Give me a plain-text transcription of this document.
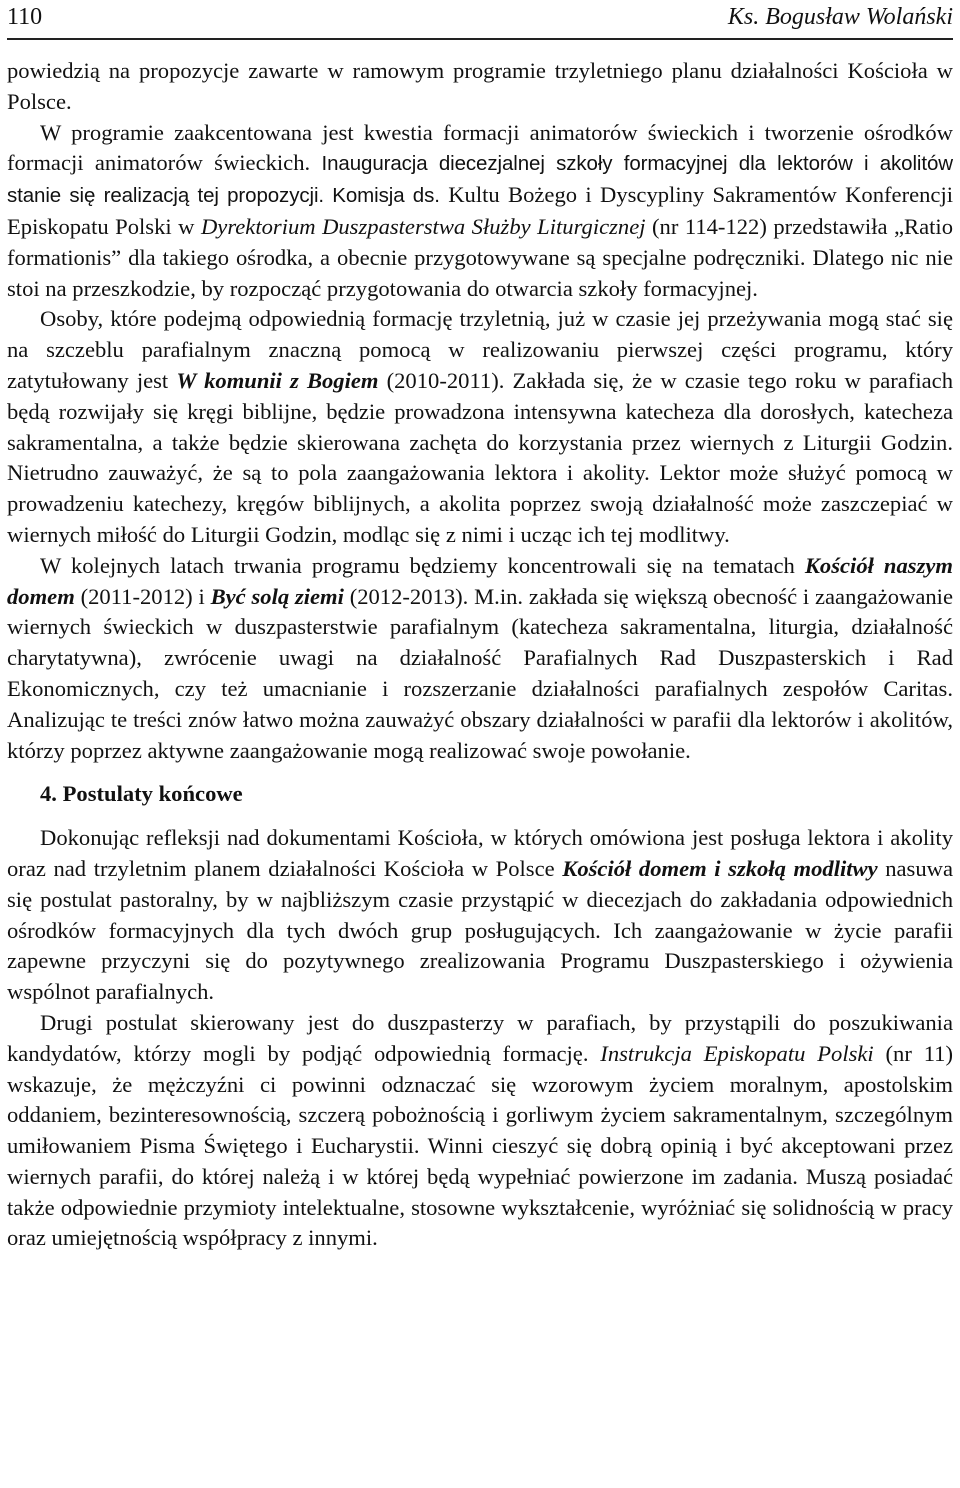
110	Ks. Bogusław Wolański

powiedzią na propozycje zawarte w ramowym programie trzyletniego planu działalności Kościoła w Polsce.

W programie zaakcentowana jest kwestia formacji animatorów świeckich i tworzenie ośrodków formacji animatorów świeckich. Inauguracja diecezjalnej szkoły formacyjnej dla lektorów i akolitów stanie się realizacją tej propozycji. Komisja ds. Kultu Bożego i Dyscypliny Sakramentów Konferencji Episkopatu Polski w Dyrektorium Duszpasterstwa Służby Liturgicznej (nr 114-122) przedstawiła „Ratio formationis” dla takiego ośrodka, a obecnie przygotowywane są specjalne podręczniki. Dlatego nic nie stoi na przeszkodzie, by rozpocząć przygotowania do otwarcia szkoły formacyjnej.

Osoby, które podejmą odpowiednią formację trzyletnią, już w czasie jej przeżywania mogą stać się na szczeblu parafialnym znaczną pomocą w realizowaniu pierwszej części programu, który zatytułowany jest W komunii z Bogiem (2010-2011). Zakłada się, że w czasie tego roku w parafiach będą rozwijały się kręgi biblijne, będzie prowadzona intensywna katecheza dla dorosłych, katecheza sakramentalna, a także będzie skierowana zachęta do korzystania przez wiernych z Liturgii Godzin. Nietrudno zauważyć, że są to pola zaangażowania lektora i akolity. Lektor może służyć pomocą w prowadzeniu katechezy, kręgów biblijnych, a akolita poprzez swoją działalność może zaszczepiać w wiernych miłość do Liturgii Godzin, modląc się z nimi i ucząc ich tej modlitwy.

W kolejnych latach trwania programu będziemy koncentrowali się na tematach Kościół naszym domem (2011-2012) i Być solą ziemi (2012-2013). M.in. zakłada się większą obecność i zaangażowanie wiernych świeckich w duszpasterstwie parafialnym (katecheza sakramentalna, liturgia, działalność charytatywna), zwrócenie uwagi na działalność Parafialnych Rad Duszpasterskich i Rad Ekonomicznych, czy też umacnianie i rozszerzanie działalności parafialnych zespołów Caritas. Analizując te treści znów łatwo można zauważyć obszary działalności w parafii dla lektorów i akolitów, którzy poprzez aktywne zaangażowanie mogą realizować swoje powołanie.

4. Postulaty końcowe

Dokonując refleksji nad dokumentami Kościoła, w których omówiona jest posługa lektora i akolity oraz nad trzyletnim planem działalności Kościoła w Polsce Kościół domem i szkołą modlitwy nasuwa się postulat pastoralny, by w najbliższym czasie przystąpić w diecezjach do zakładania odpowiednich ośrodków formacyjnych dla tych dwóch grup posługujących. Ich zaangażowanie w życie parafii zapewne przyczyni się do pozytywnego zrealizowania Programu Duszpasterskiego i ożywienia wspólnot parafialnych.

Drugi postulat skierowany jest do duszpasterzy w parafiach, by przystąpili do poszukiwania kandydatów, którzy mogli by podjąć odpowiednią formację. Instrukcja Episkopatu Polski (nr 11) wskazuje, że mężczyźni ci powinni odznaczać się wzorowym życiem moralnym, apostolskim oddaniem, bezinteresownością, szczerą pobożnością i gorliwym życiem sakramentalnym, szczególnym umiłowaniem Pisma Świętego i Eucharystii. Winni cieszyć się dobrą opinią i być akceptowani przez wiernych parafii, do której należą i w której będą wypełniać powierzone im zadania. Muszą posiadać także odpowiednie przymioty intelektualne, stosowne wykształcenie, wyróżniać się solidnością w pracy oraz umiejętnością współpracy z innymi.
